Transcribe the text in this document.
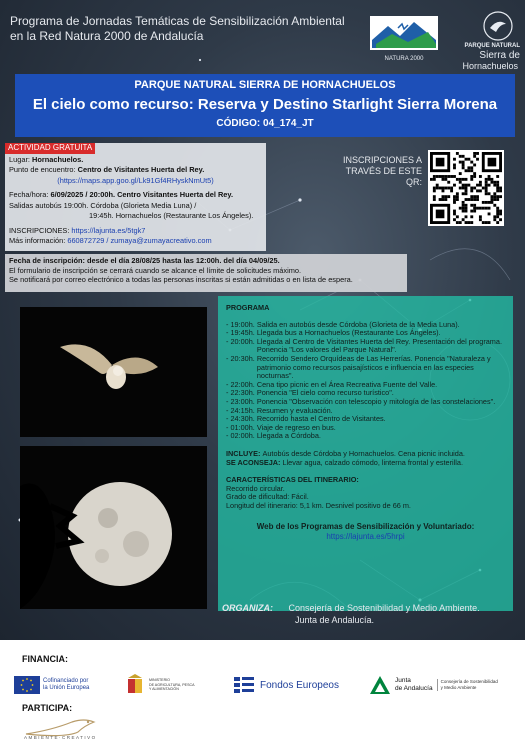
Programa de Jornadas Temáticas de Sensibilización Ambiental en la Red Natura 2000 de Andalucía
NATURA 2000
PARQUE NATURAL
Sierra de
Hornachuelos
PARQUE NATURAL SIERRA DE HORNACHUELOS
El cielo como recurso: Reserva y Destino Starlight Sierra Morena
CÓDIGO: 04_174_JT
ACTIVIDAD GRATUITA
Lugar: Hornachuelos.
Punto de encuentro: Centro de Visitantes Huerta del Rey.
(https://maps.app.goo.gl/Lk91Gf4RHyskNmUt5)
Fecha/hora: 6/09/2025 / 20:00h. Centro Visitantes Huerta del Rey.
Salidas autobús 19:00h. Córdoba (Glorieta Media Luna) /
19:45h. Hornachuelos (Restaurante Los Ángeles).
INSCRIPCIONES: https://lajunta.es/5tgk7
Más información: 660872729 / zumaya@zumayacreativo.com
INSCRIPCIONES A TRAVÉS DE ESTE QR:
Fecha de inscripción: desde el día 28/08/25 hasta las 12:00h. del día 04/09/25.
El formulario de inscripción se cerrará cuando se alcance el límite de solicitudes máximo.
Se notificará por correo electrónico a todas las personas inscritas si están admitidas o en lista de espera.
PROGRAMA
- 19:00h. Salida en autobús desde Córdoba (Glorieta de la Media Luna).
- 19:45h. Llegada bus a Hornachuelos (Restaurante Los Ángeles).
- 20:00h. Llegada al Centro de Visitantes Huerta del Rey. Presentación del programa. Ponencia "Los valores del Parque Natural".
- 20:30h. Recorrido Sendero Orquídeas de Las Herrerías. Ponencia "Naturaleza y patrimonio como recursos paisajísticos e influencia en las especies nocturnas".
- 22:00h. Cena tipo picnic en el Área Recreativa Fuente del Valle.
- 22:30h. Ponencia "El cielo como recurso turístico".
- 23:00h. Ponencia "Observación con telescopio y mitología de las constelaciones".
- 24:15h. Resumen y evaluación.
- 24:30h. Recorrido hasta el Centro de Visitantes.
- 01:00h. Viaje de regreso en bus.
- 02:00h. Llegada a Córdoba.
INCLUYE: Autobús desde Córdoba y Hornachuelos. Cena picnic incluida.
SE ACONSEJA: Llevar agua, calzado cómodo, linterna frontal y esterilla.
CARACTERÍSTICAS DEL ITINERARIO:
Recorrido circular.
Grado de dificultad: Fácil.
Longitud del itinerario: 5,1 km. Desnivel positivo de 66 m.
Web de los Programas de Sensibilización y Voluntariado:
https://lajunta.es/5hrpi
ORGANIZA: Consejería de Sostenibilidad y Medio Ambiente.
Junta de Andalucía.
FINANCIA:
Cofinanciado por
la Unión Europea
MINISTERIO
DE AGRICULTURA, PESCA
Y ALIMENTACIÓN	Fondos Europeos	Junta
de Andalucía
Consejería de Sostenibilidad
y Medio Ambiente
PARTICIPA:
AMBIENTE·CREATIVO
